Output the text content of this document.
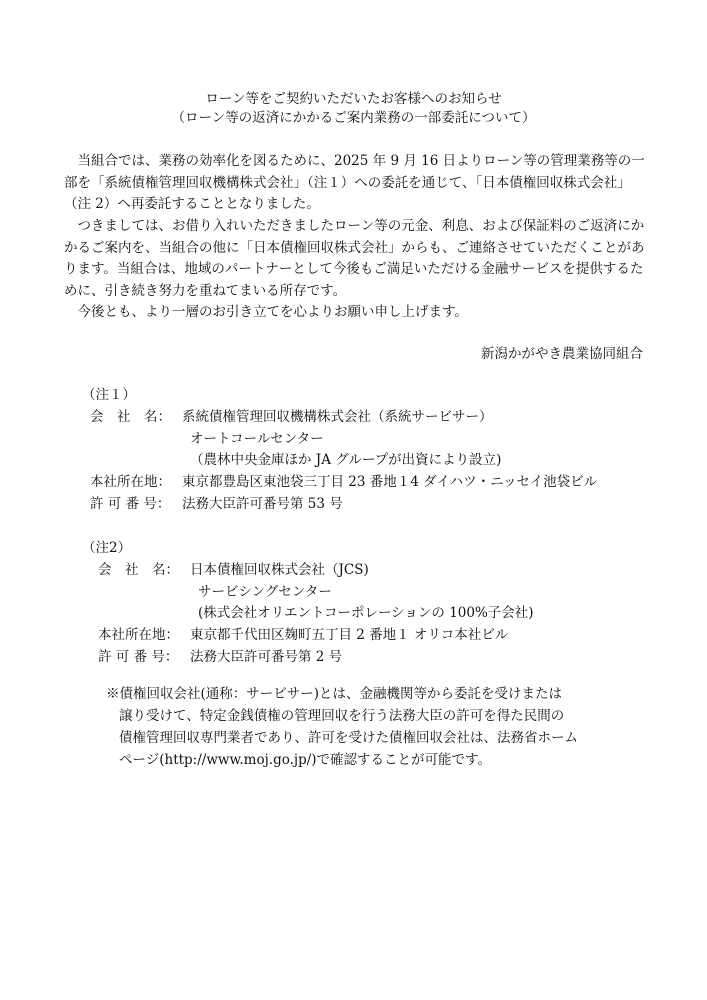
ローン等をご契約いただいたお客様へのお知らせ
（ローン等の返済にかかるご案内業務の一部委託について）

当組合では、業務の効率化を図るために、2025 年 9 月 16 日よりローン等の管理業務等の一部を「系統債権管理回収機構株式会社」（注１）への委託を通じて、「日本債権回収株式会社」（注 2）へ再委託することとなりました。

つきましては、お借り入れいただきましたローン等の元金、利息、および保証料のご返済にかかるご案内を、当組合の他に「日本債権回収株式会社」からも、ご連絡させていただくことがあります。当組合は、地域のパートナーとして今後もご満足いただける金融サービスを提供するために、引き続き努力を重ねてまいる所存です。

今後とも、より一層のお引き立てを心よりお願い申し上げます。

新潟かがやき農業協同組合
（注１）
会　社　名： 系統債権管理回収機構株式会社（系統サービサー）
オートコールセンター
（農林中央金庫ほか JA グループが出資により設立)
本社所在地： 東京都豊島区東池袋三丁目 23 番地１4 ダイハツ・ニッセイ池袋ビル
許 可 番 号： 法務大臣許可番号第 53 号
（注2）
会　社　名： 日本債権回収株式会社（JCS)
サービシングセンター
(株式会社オリエントコーポレーションの 100%子会社)
本社所在地： 東京都千代田区麹町五丁目 2 番地１ オリコ本社ビル
許 可 番 号： 法務大臣許可番号第 2 号
※債権回収会社(通称：サービサー)とは、金融機関等から委託を受けまたは
譲り受けて、特定金銭債権の管理回収を行う法務大臣の許可を得た民間の
債権管理回収専門業者であり、許可を受けた債権回収会社は、法務省ホーム
ページ(http://www.moj.go.jp/)で確認することが可能です。
